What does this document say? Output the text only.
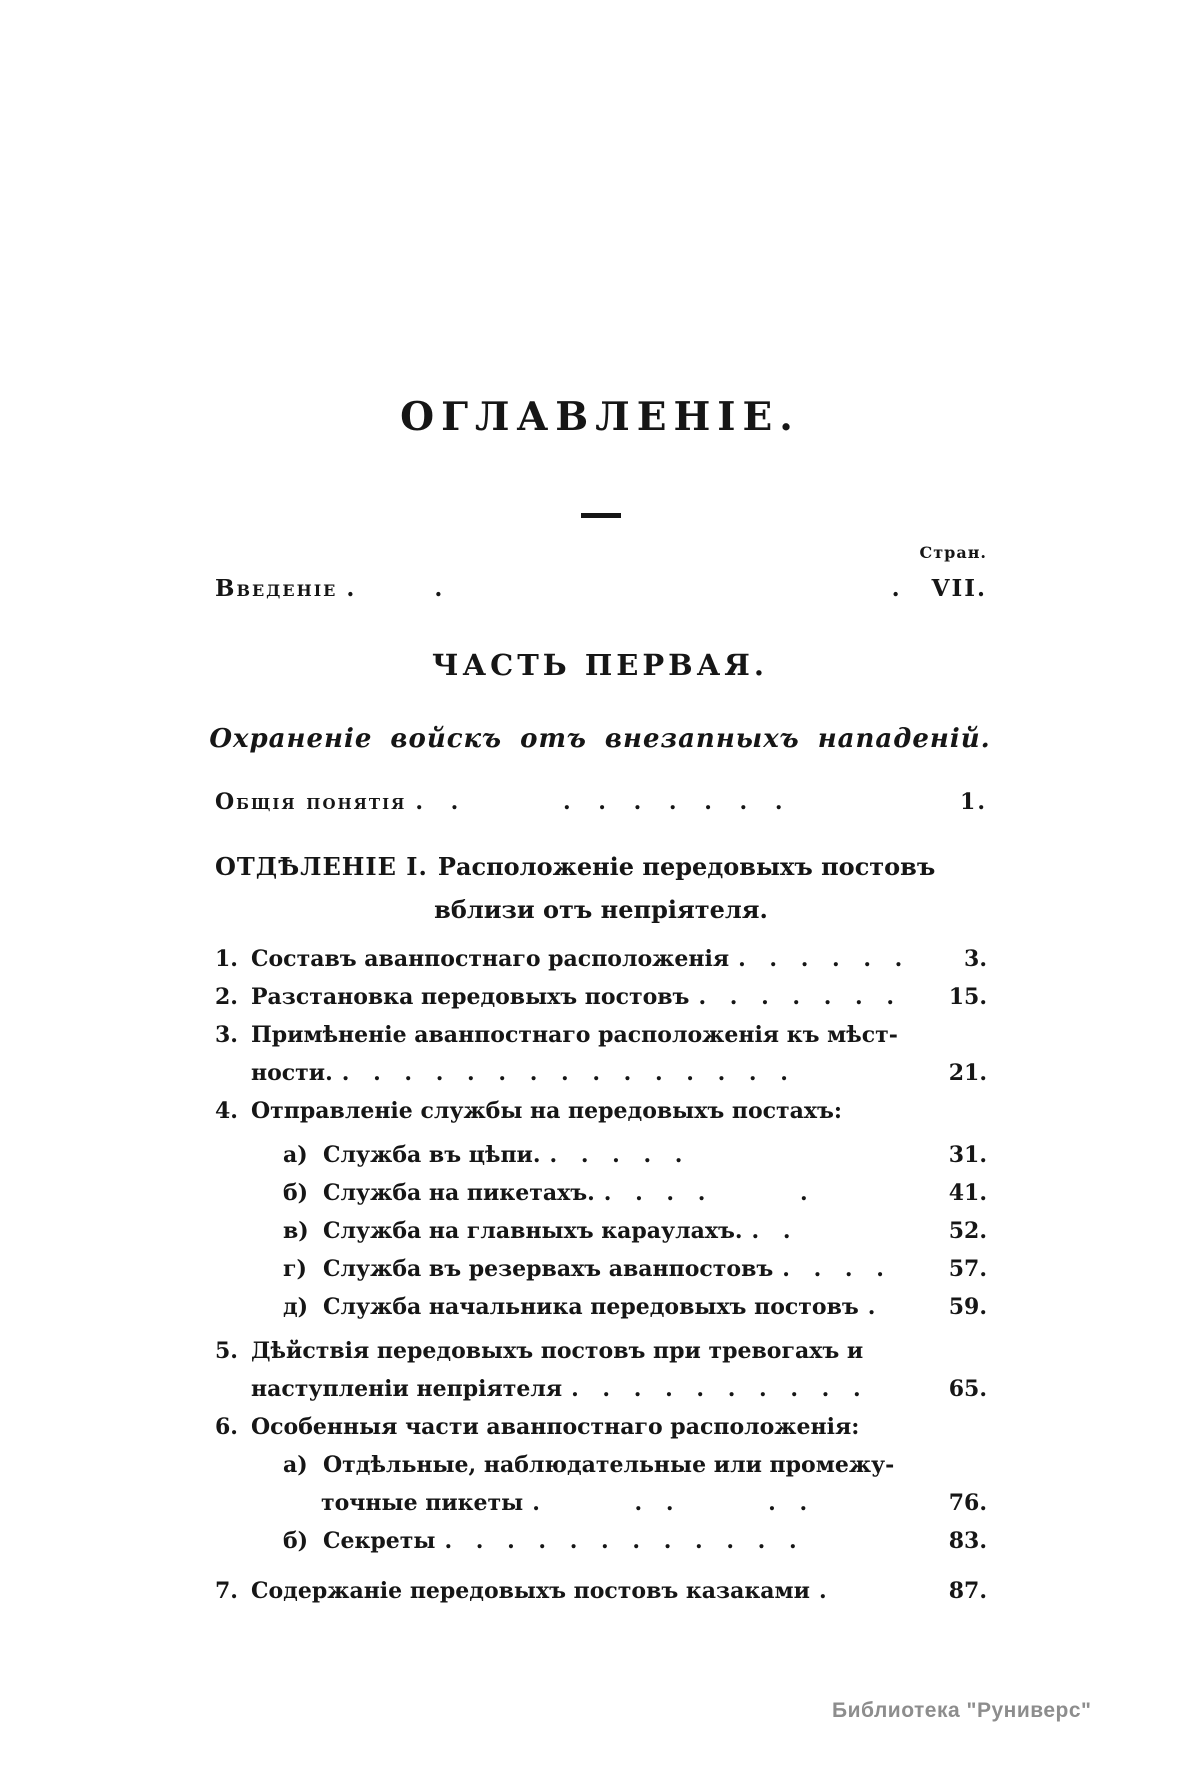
ОГЛАВЛЕНІЕ.
Стран.
Введеніе .   .	.   VII.
ЧАСТЬ ПЕРВАЯ.
Охраненіе войскъ отъ внезапныхъ нападеній.
Общія понятія . .    . . . . . . .	1.
ОТДѢЛЕНІЕ I. Расположеніе передовыхъ постовъ
вблизи отъ непріятеля.
1. Составъ аванпостнаго расположенія . . . . . .	3.
2. Разстановка передовыхъ постовъ . . . . . . . 15.
3. Примѣненіе аванпостнаго расположенія къ мѣст-
ности. . . . . . . . . . . . . . . .	21.
4. Отправленіе службы на передовыхъ постахъ:
а) Служба въ цѣпи. . . . . .	31.
б) Служба на пикетахъ. . . . .    .	41.
в) Служба на главныхъ караулахъ. . .	52.
г) Служба въ резервахъ аванпостовъ . . . .	57.
д) Служба начальника передовыхъ постовъ .	59.
5. Дѣйствія передовыхъ постовъ при тревогахъ и
наступленіи непріятеля . . . . . . . . . .	65.
6. Особенныя части аванпостнаго расположенія:
а) Отдѣльные, наблюдательные или промежу-
точные пикеты .    . .    . .	76.
б) Секреты . . . . . . . . . . . .	83.
7. Содержаніе передовыхъ постовъ казаками .	87.
Библиотека "Руниверс"
